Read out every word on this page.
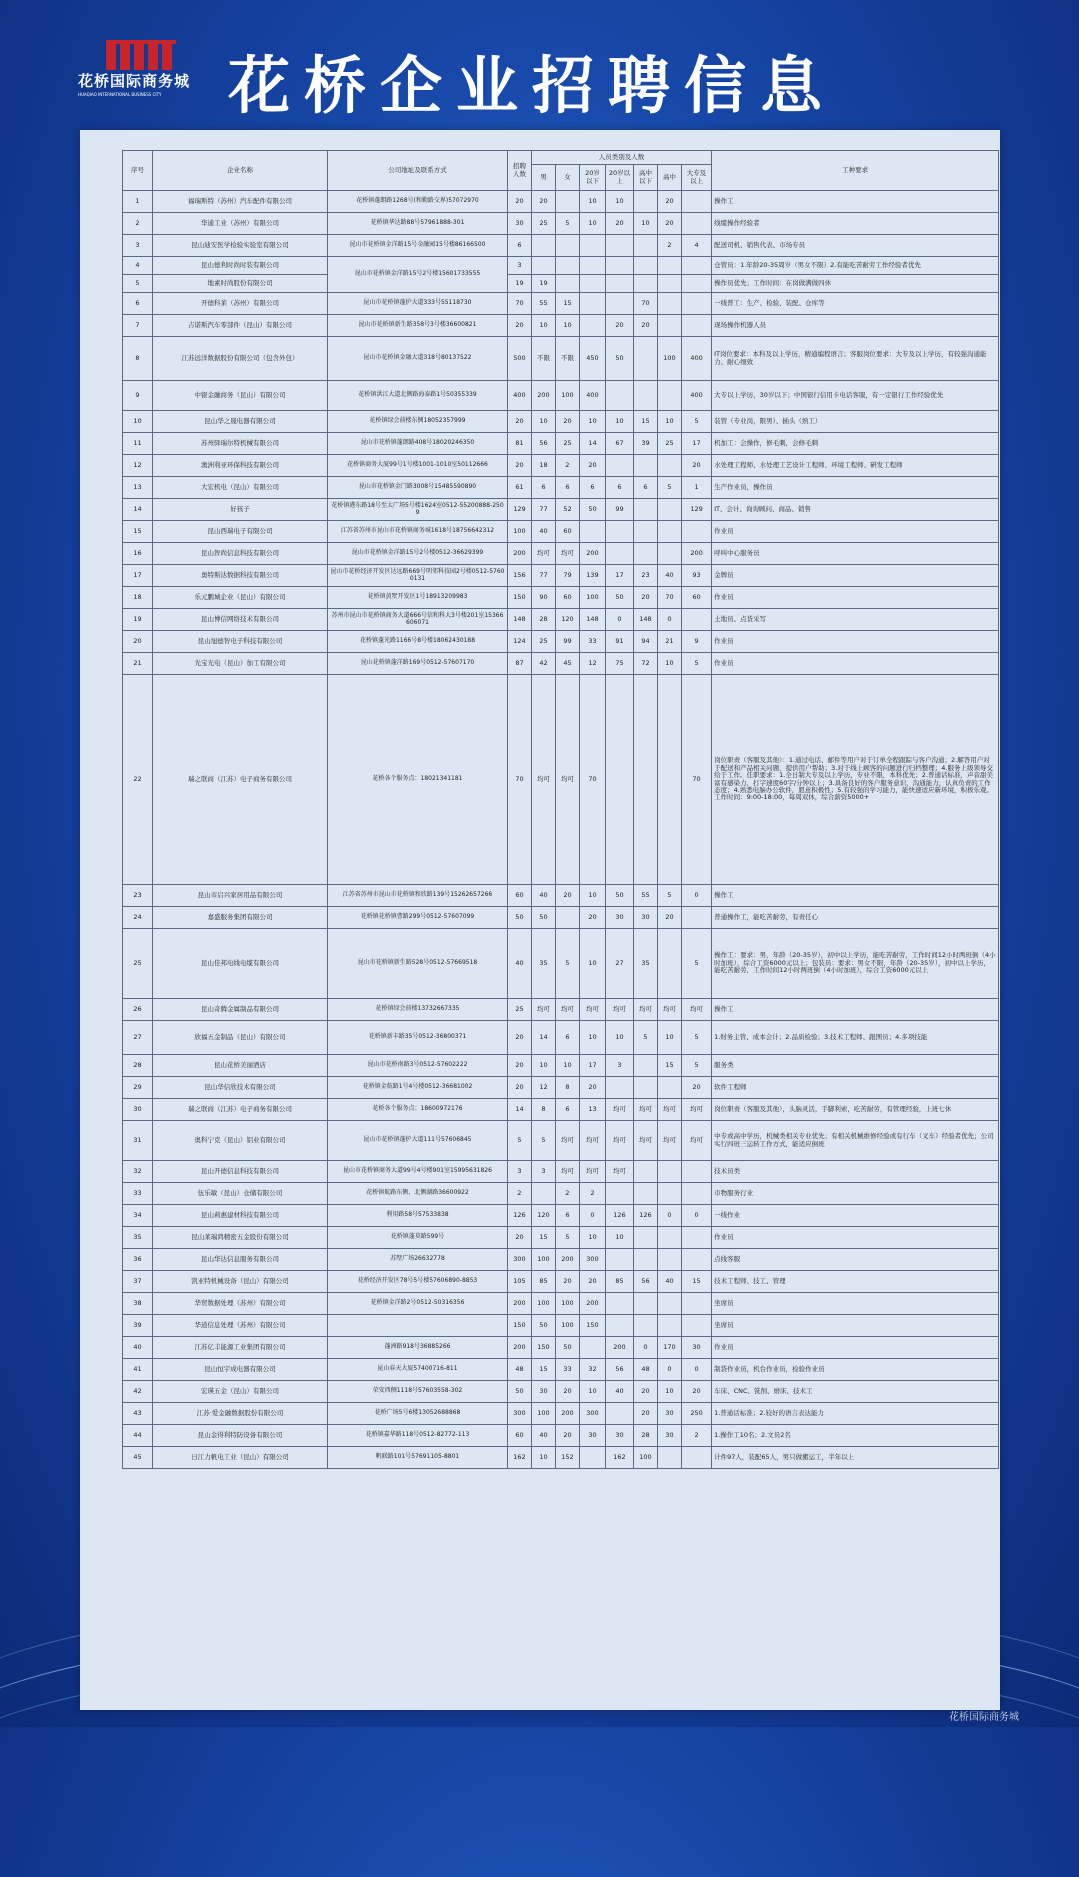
花桥国际商务城
HUAQIAO INTERNATIONAL BUSINESS CITY	花桥企业招聘信息
序号	企业名称	公司地址及联系方式	招聘人数	人员类别及人数							工种要求
				男	女	20岁以下	20岁以上	高中以下	高中	大专及以上	
1	福瑞斯特（苏州）汽车配件有限公司	花桥镇蓬朗路1268号(和勤路交界)57072970	20	20		10	10		20		操作工
2	华通工业（苏州）有限公司	花桥镇华达路88号57961888-301	30	25	5	10	20	10	20		线缆操作经验者
3	昆山迪安医学检验实验室有限公司	昆山市花桥镇金洋路15号金融园15号楼86166500	6						2	4	配送司机、销售代表、市场专员
4	昆山德利时尚时装有限公司	昆山市花桥镇金洋路15号2号楼15601733555	3								仓管员：1.年龄20-35周岁（男女不限）2.有能吃苦耐劳工作经验者优先
5	地素时尚股份有限公司		19	19							操作员优先；工作时间：在岗做满做四休
6	开德科莱（苏州）有限公司	昆山市花桥镇蓬护大道333号55118730	70	55	15			70			一线普工：生产、检验、装配、仓库等
7	吉诺斯汽车零部件（昆山）有限公司	昆山市花桥镇新生路358号3号楼36600821	20	10	10		20	20			现场操作机器人员
8	江苏远洋数据股份有限公司（包含外包）	昆山市花桥镇金融大道318号80137522	500	不限	不限	450	50		100	400	IT岗位要求：本科及以上学历，精通编程语言；客服岗位要求：大专及以上学历，有较强沟通能力、耐心细致
9	中银金融商务（昆山）有限公司	花桥镇洪江大道北侧路海泰路1号50355339	400	200	100	400				400	大专以上学历，30岁以下；中国银行信用卡电话客服，有一定银行工作经验优先
10	昆山华之晟电器有限公司	花桥镇绿会前楼东侧18052357999	20	10	20	10	10	15	10	5	装管（专业岗，限男）、插头（熟工）
11	苏州驿瑞尔特机械有限公司	昆山市花桥镇蓬朗路408号18020246350	81	56	25	14	67	39	25	17	机加工：会操作，修毛刺，会修毛刺
12	澳洲利亚环保科技有限公司	花桥镇商务大厦99号1号楼1001-1010室50112666	20	18	2	20				20	水处理工程师、水处理工艺设计工程师、环境工程师、研发工程师
13	大宏机电（昆山）有限公司	昆山市花桥镇金门路3008号15485590890	61	6	6	6	6	6	5	1	生产作业员，操作员
14	好孩子	花桥镇港东路18号至太广场5号楼1624室0512-55200888-2509	129	77	52	50	99			129	IT、会计、询询顾问、商品、销售
15	昆山西瑞电子有限公司	江苏省苏州市昆山市花桥镇商务城1618号18756642312	100	40	60						作业员
16	昆山智尚信息科技有限公司	昆山市花桥镇金洋路15号2号楼0512-36629399	200	均可	均可	200				200	呼叫中心服务员
17	奥特斯达数据科技有限公司	昆山市花桥经济开发区达远路669号明邻科技园2号楼0512-57600131	156	77	79	139	17	23	40	93	金牌员
18	乐元鹏城企业（昆山）有限公司	花桥镇黄墅开发区1号18913209983	150	90	60	100	50	20	70	60	作业员
19	昆山博信网络技术有限公司	苏州市昆山市花桥镇商务大道666号信和科大3号楼201室15366606071	148	28	120	148	0	148	0		土地员、点货采写
20	昆山旭德智电子科技有限公司	花桥镇蓬光路1166号8号楼18062430188	124	25	99	33	91	94	21	9	作业员
21	光宝光电（昆山）加工有限公司	昆山花桥镇蓬洋路169号0512-57607170	87	42	45	12	75	72	10	5	作业员
22	瑞之联商（江苏）电子商务有限公司	花桥各个服务点：18021341181	70	均可	均可	70				70	岗位职责（客服及其他）：1.通过电话、邮件等用户对于订单全程跟踪与客户沟通；2.解答用户对于配送和产品相关问题，提供用户帮助；3.对于线上顾客的问题进行归档整理；4.服务上级领导交给于工作。任职要求：1.全日制大专及以上学历，专业不限，本科优先；2.普通话标准，声音甜美富有感染力，打字速度60字/分钟以上；3.具备良好的客户服务意识，沟通能力，认真负责的工作态度；4.熟悉电脑办公软件，愿意积极性；5.有较强的学习能力，能快速适应新环境，积极乐观。工作时间：9:00-18:00，每周双休，综合薪资5000+
23	昆山市启兴家居用品有限公司	江苏省苏州市昆山市花桥镇和欣路139号15262657266	60	40	20	10	50	55	5	0	操作工
24	嘉盛服务集团有限公司	花桥镇花桥镇曹路299号0512-57607099	50	50		20	30	30	20		普通操作工，能吃苦耐劳，有责任心
25	昆山佳邦电线电缆有限公司	昆山市花桥镇新生路528号0512-57669518	40	35	5	10	27	35		5	操作工：要求：男，年龄（20-35岁），初中以上学历，能吃苦耐劳，工作时间12小时两班倒（4小时加班），综合工资6000元以上；包装员：要求：男女不限，年龄（20-35岁），初中以上学历，能吃苦耐劳，工作时间12小时两班倒（4小时加班），综合工资6000元以上
26	昆山奇腾金属制品有限公司	花桥镇绿会前楼13732667335	25	均可	均可	均可	均可	均可	均可	均可	操作工
27	欣福五金制品（昆山）有限公司	花桥镇新丰路35号0512-36800371	20	14	6	10	10	5	10	5	1.财务主管、成本会计；2.品质检验；3.技术工程师、跟图员；4.多项技能
28	昆山花桥美丽酒店	昆山市花桥南路3号0512-57602222	20	10	10	17	3		15	5	服务类
29	昆山华信欣技术有限公司	花桥镇金航路1号4号楼0512-36681002	20	12	8	20				20	软件工程师
30	瑞之联商（江苏）电子商务有限公司	花桥各个服务点：18600972176	14	8	6	13	均可	均可	均可	均可	岗位职责（客服及其他），头脑灵活，手脚利索，吃苦耐劳，有管理经验，上班七休
31	奥科宁克（昆山）铝业有限公司	昆山市花桥镇蓬护大道111号57606845	5	5	均可	均可	均可	均可	均可	均可	中专或高中学历，机械类相关专业优先；有相关机械维修经验或有行车（叉车）经验者优先；公司实行四班三运转工作方式，能适应倒班
32	昆山开德信息科技有限公司	昆山市花桥镇商务大道99号4号楼901室15995631826	3	3	均可	均可	均可				技术员类
33	伍乐敏（昆山）仓储有限公司	花桥镇航路东侧，北侧湖路36600922	2		2	2					市物服务行业
34	昆山莉惠建材科技有限公司	利用路58号57533838	126	120	6	0	126	126	0	0	一线作业
35	昆山莱瑞鸿精密五金股份有限公司	花桥镇蓬莫路599号	20	15	5	10	10				作业员
36	昆山华达信息服务有限公司	苏墅广场26632778	300	100	200	300					点线客服
37	凯亚特机械设备（昆山）有限公司	花桥经济开发区78号5号楼57606890-8853	105	85	20	20	85	56	40	15	技术工程师、技工、管理
38	华贸数据处理（苏州）有限公司	花桥镇金洋路2号0512-50316356	200	100	100	200					坐席员
39	华道信息处理（苏州）有限公司		150	50	100	150					坐席员
40	江苏亿丰能源工业集团有限公司	蓬洲路918号36885266	200	150	50		200	0	170	30	作业员
41	昆山恒宇成电器有限公司	昆山春天大厦57400716-811	48	15	33	32	56	48	0	0	制袋作业员，机台作业员，检验作业员
42	宏瑛五金（昆山）有限公司	荣安西侧1118号57603558-302	50	30	20	10	40	20	10	20	车床、CNC、铣削、磨床、技术工
43	江苏·爱金融数据股份有限公司	花桥广场5号6楼13052688868	300	100	200	300		20	30	250	1.普通话标准；2.较好的语言表达能力
44	昆山金得利特防设备有限公司	花桥镇嘉华路118号0512-82772-113	60	40	20	30	30	28	30	2	1.操作工10名；2.文员2名
45	日江力帆电工业（昆山）有限公司	帆联路101号57691105-8801	162	10	152		162	100			计件97人，装配65人，男只做搬运工，半年以上
花桥国际商务城
